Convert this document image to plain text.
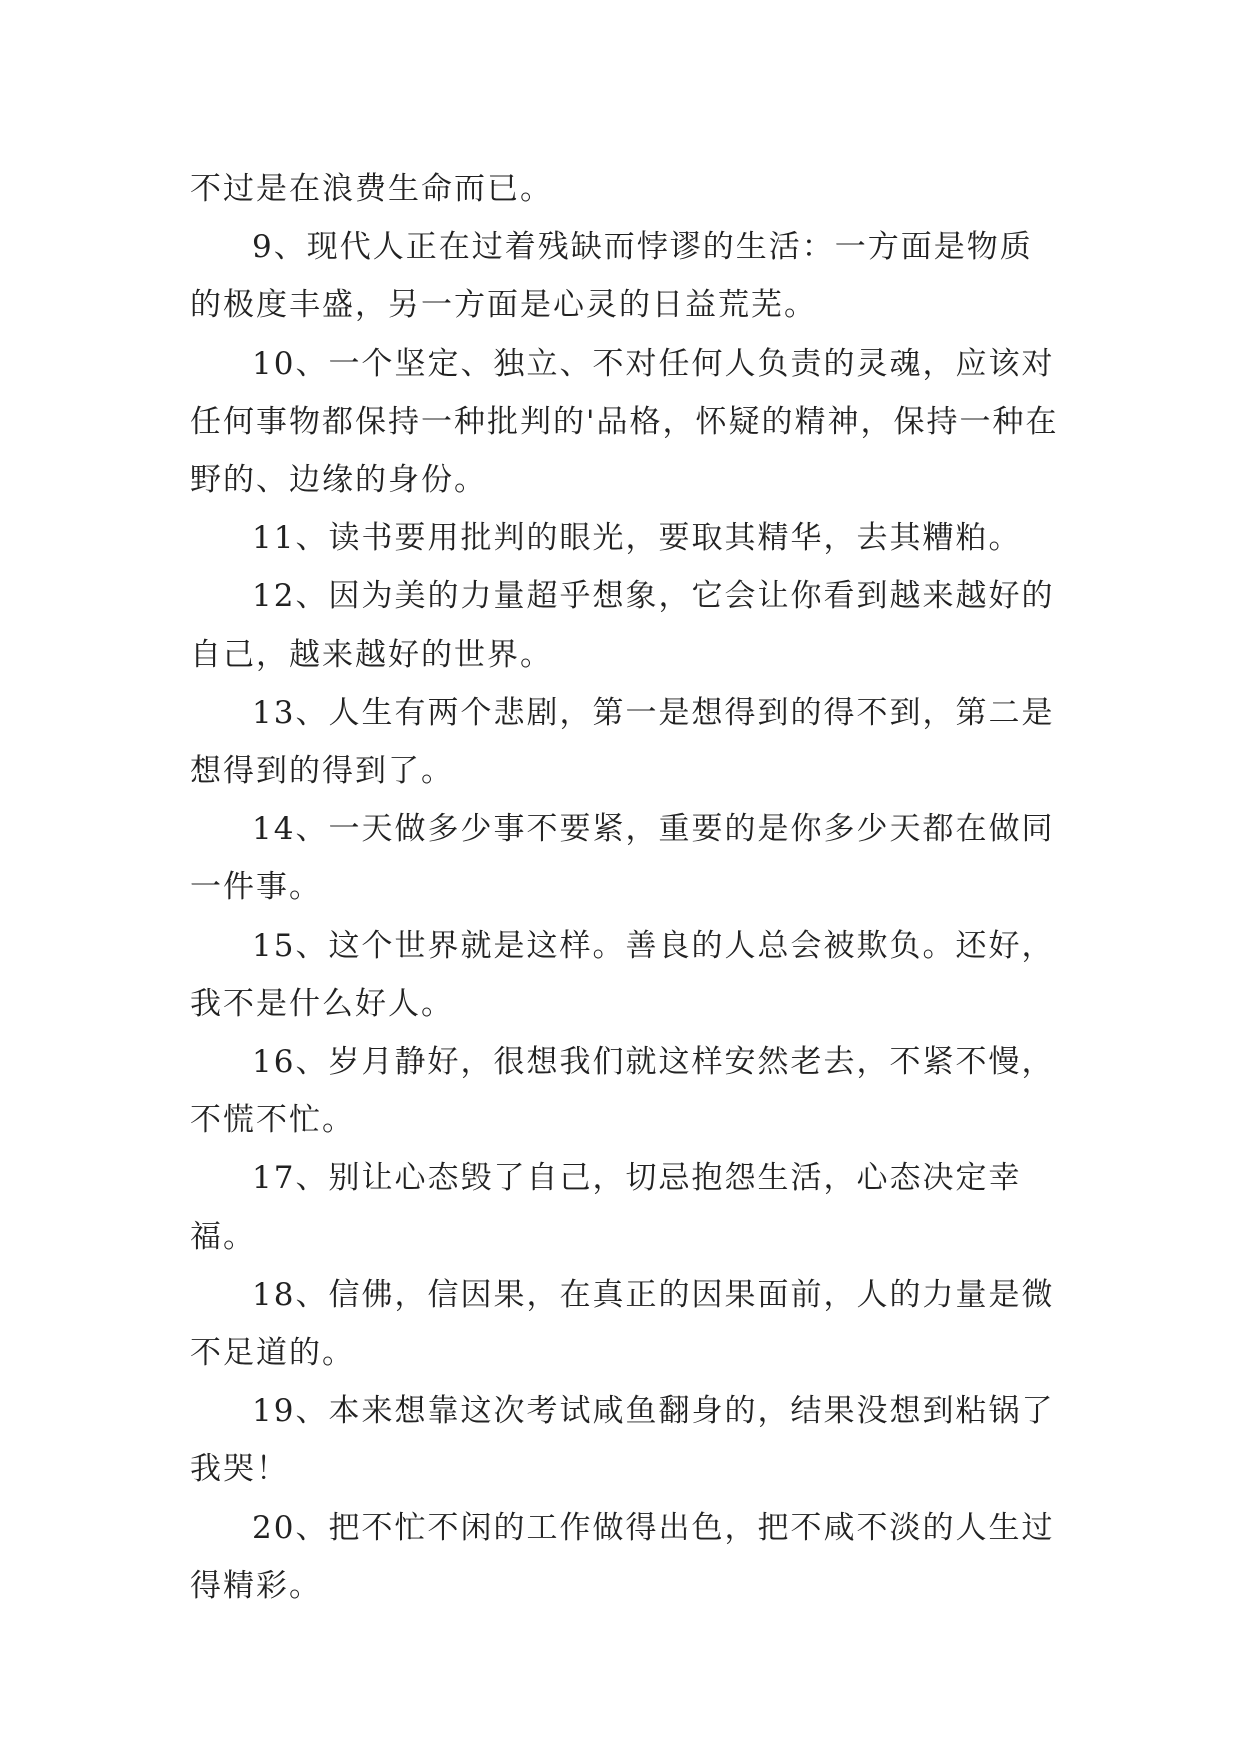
不过是在浪费生命而已。

9、现代人正在过着残缺而悖谬的生活：一方面是物质的极度丰盛，另一方面是心灵的日益荒芜。

10、一个坚定、独立、不对任何人负责的灵魂，应该对任何事物都保持一种批判的'品格，怀疑的精神，保持一种在野的、边缘的身份。

11、读书要用批判的眼光，要取其精华，去其糟粕。

12、因为美的力量超乎想象，它会让你看到越来越好的自己，越来越好的世界。

13、人生有两个悲剧，第一是想得到的得不到，第二是想得到的得到了。

14、一天做多少事不要紧，重要的是你多少天都在做同一件事。

15、这个世界就是这样。善良的人总会被欺负。还好，我不是什么好人。

16、岁月静好，很想我们就这样安然老去，不紧不慢，不慌不忙。

17、别让心态毁了自己，切忌抱怨生活，心态决定幸福。

18、信佛，信因果，在真正的因果面前，人的力量是微不足道的。

19、本来想靠这次考试咸鱼翻身的，结果没想到粘锅了我哭！

20、把不忙不闲的工作做得出色，把不咸不淡的人生过得精彩。
